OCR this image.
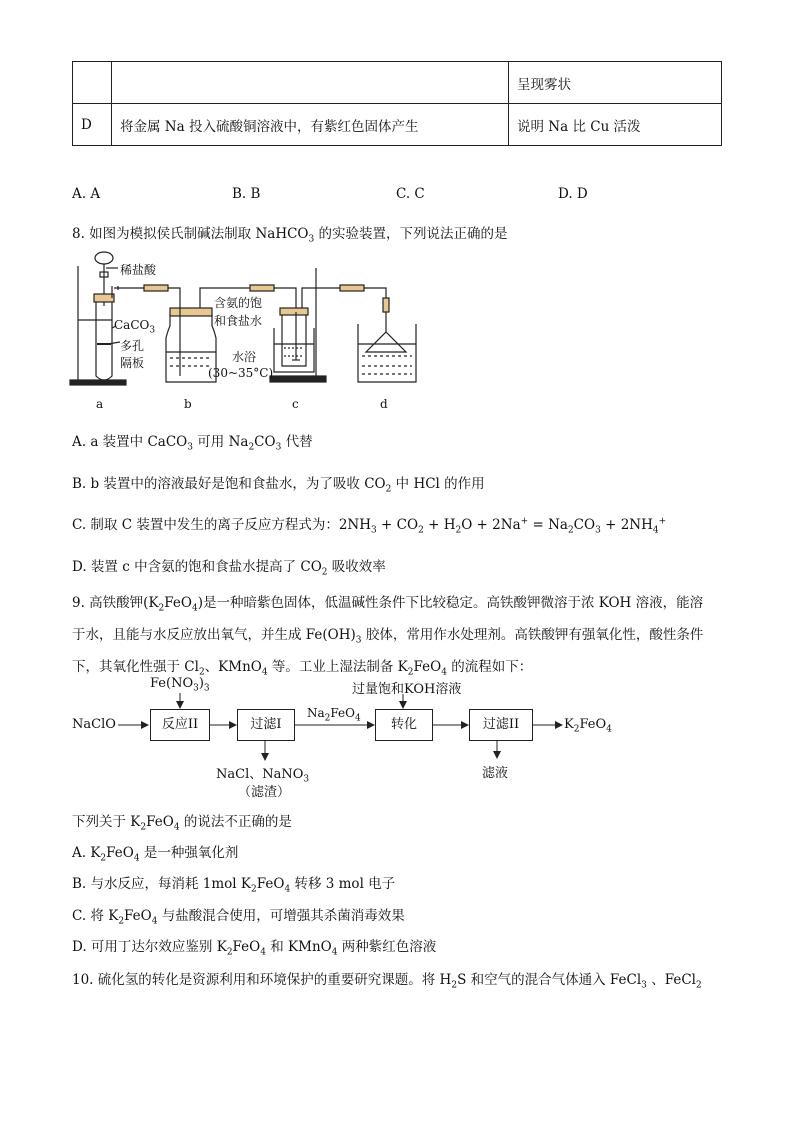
		呈现雾状
D	将金属 Na 投入硫酸铜溶液中，有紫红色固体产生	说明 Na 比 Cu 活泼
A. A	B. B	C. C	D. D
8. 如图为模拟侯氏制碱法制取 NaHCO$_3$ 的实验装置，下列说法正确的是
稀盐酸
CaCO$_3$
多孔
隔板
含氨的饱
和食盐水
水浴
(30~35°C)
a	b	c	d
A. a 装置中 CaCO$_3$ 可用 $Na_2CO_3$ 代替
B. b 装置中的溶液最好是饱和食盐水，为了吸收 $CO_2$ 中 HCl 的作用
C. 制取 C 装置中发生的离子反应方程式为：$2NH_3 + CO_2 + H_2O + 2Na^+ = Na_2CO_3 + 2NH_4^+$
D. 装置 c 中含氨的饱和食盐水提高了 $CO_2$ 吸收效率
9. 高铁酸钾$(K_2FeO_4)$是一种暗紫色固体，低温碱性条件下比较稳定。高铁酸钾微溶于浓 KOH 溶液，能溶
于水，且能与水反应放出氧气，并生成 $Fe(OH)_3$ 胶体，常用作水处理剂。高铁酸钾有强氧化性，酸性条件
下，其氧化性强于 $Cl_2$、KMnO$_4$ 等。工业上湿法制备 $K_2FeO_4$ 的流程如下：
NaClO
$Fe(NO_3)_3$
反应II	过滤I
$Na_2FeO_4$
过量饱和KOH溶液
转化	过滤II	$K_2FeO_4$
NaCl、NaNO$_3$
（滤渣）
滤液
下列关于 $K_2FeO_4$ 的说法不正确的是
A. $K_2FeO_4$ 是一种强氧化剂
B. 与水反应，每消耗 1mol $K_2FeO_4$ 转移 3 mol 电子
C. 将 $K_2FeO_4$ 与盐酸混合使用，可增强其杀菌消毒效果
D. 可用丁达尔效应鉴别 $K_2FeO_4$ 和 KMnO$_4$ 两种紫红色溶液
10. 硫化氢的转化是资源利用和环境保护的重要研究课题。将 $H_2S$ 和空气的混合气体通入 FeCl$_3$ 、FeCl$_2$
